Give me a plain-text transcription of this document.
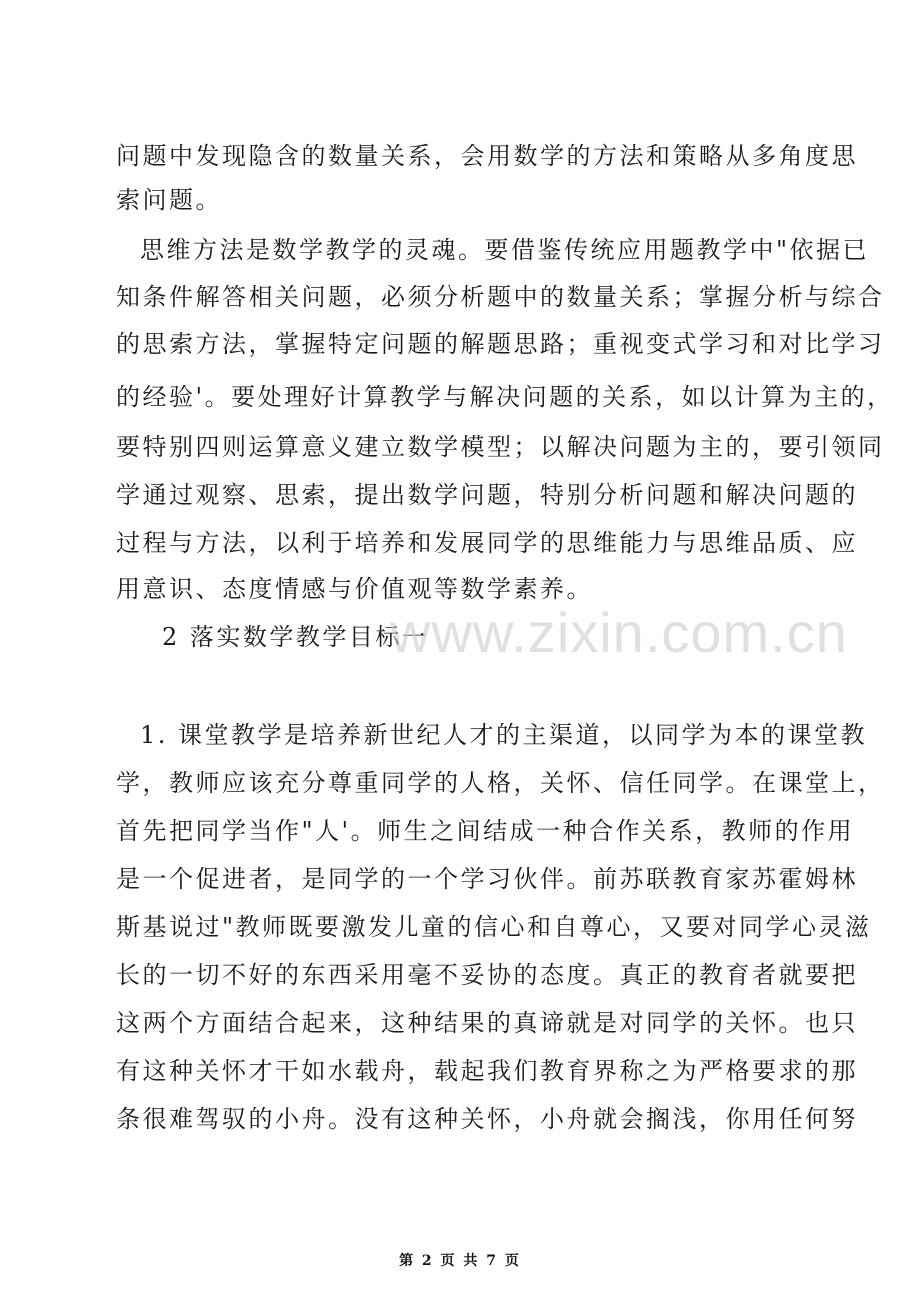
问题中发现隐含的数量关系，会用数学的方法和策略从多角度思
索问题。
思维方法是数学教学的灵魂。要借鉴传统应用题教学中"依据已
知条件解答相关问题，必须分析题中的数量关系；掌握分析与综合
的思索方法，掌握特定问题的解题思路；重视变式学习和对比学习
的经验'。要处理好计算教学与解决问题的关系，如以计算为主的，
要特别四则运算意义建立数学模型；以解决问题为主的，要引领同
学通过观察、思索，提出数学问题，特别分析问题和解决问题的
过程与方法，以利于培养和发展同学的思维能力与思维品质、应
用意识、态度情感与价值观等数学素养。
2 落实数学教学目标一
1. 课堂教学是培养新世纪人才的主渠道，以同学为本的课堂教
学，教师应该充分尊重同学的人格，关怀、信任同学。在课堂上，
首先把同学当作"人'。师生之间结成一种合作关系，教师的作用
是一个促进者，是同学的一个学习伙伴。前苏联教育家苏霍姆林
斯基说过"教师既要激发儿童的信心和自尊心，又要对同学心灵滋
长的一切不好的东西采用毫不妥协的态度。真正的教育者就要把
这两个方面结合起来，这种结果的真谛就是对同学的关怀。也只
有这种关怀才干如水载舟，载起我们教育界称之为严格要求的那
条很难驾驭的小舟。没有这种关怀，小舟就会搁浅，你用任何努
www.zixin.com.cn
第 2 页 共 7 页
